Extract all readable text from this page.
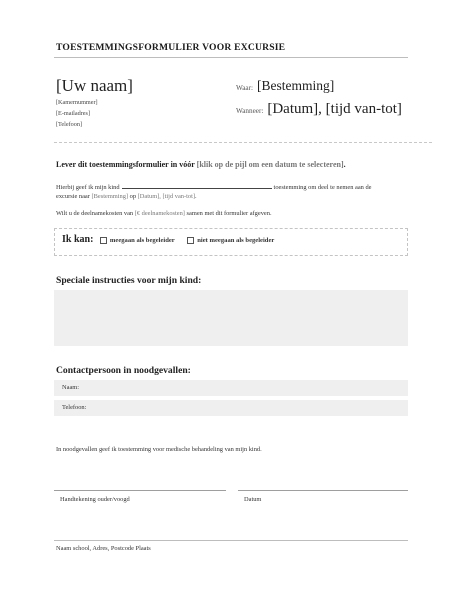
TOESTEMMINGSFORMULIER VOOR EXCURSIE
[Uw naam]
[Kamernummer]
[E-mailadres]
[Telefoon]
Waar: [Bestemming]
Wanneer: [Datum], [tijd van-tot]
Lever dit toestemmingsformulier in vóór [klik op de pijl om een datum te selecteren].
Hierbij geef ik mijn kind	toestemming om deel te nemen aan de
excursie naar [Bestemming] op [Datum], [tijd van-tot].
Wilt u de deelnamekosten van [€ deelnamekosten] samen met dit formulier afgeven.
Ik kan:	meegaan als begeleider	niet meegaan als begeleider
Speciale instructies voor mijn kind:
Contactpersoon in noodgevallen:
Naam:
Telefoon:
In noodgevallen geef ik toestemming voor medische behandeling van mijn kind.
Handtekening ouder/voogd	Datum
Naam school, Adres, Postcode Plaats
